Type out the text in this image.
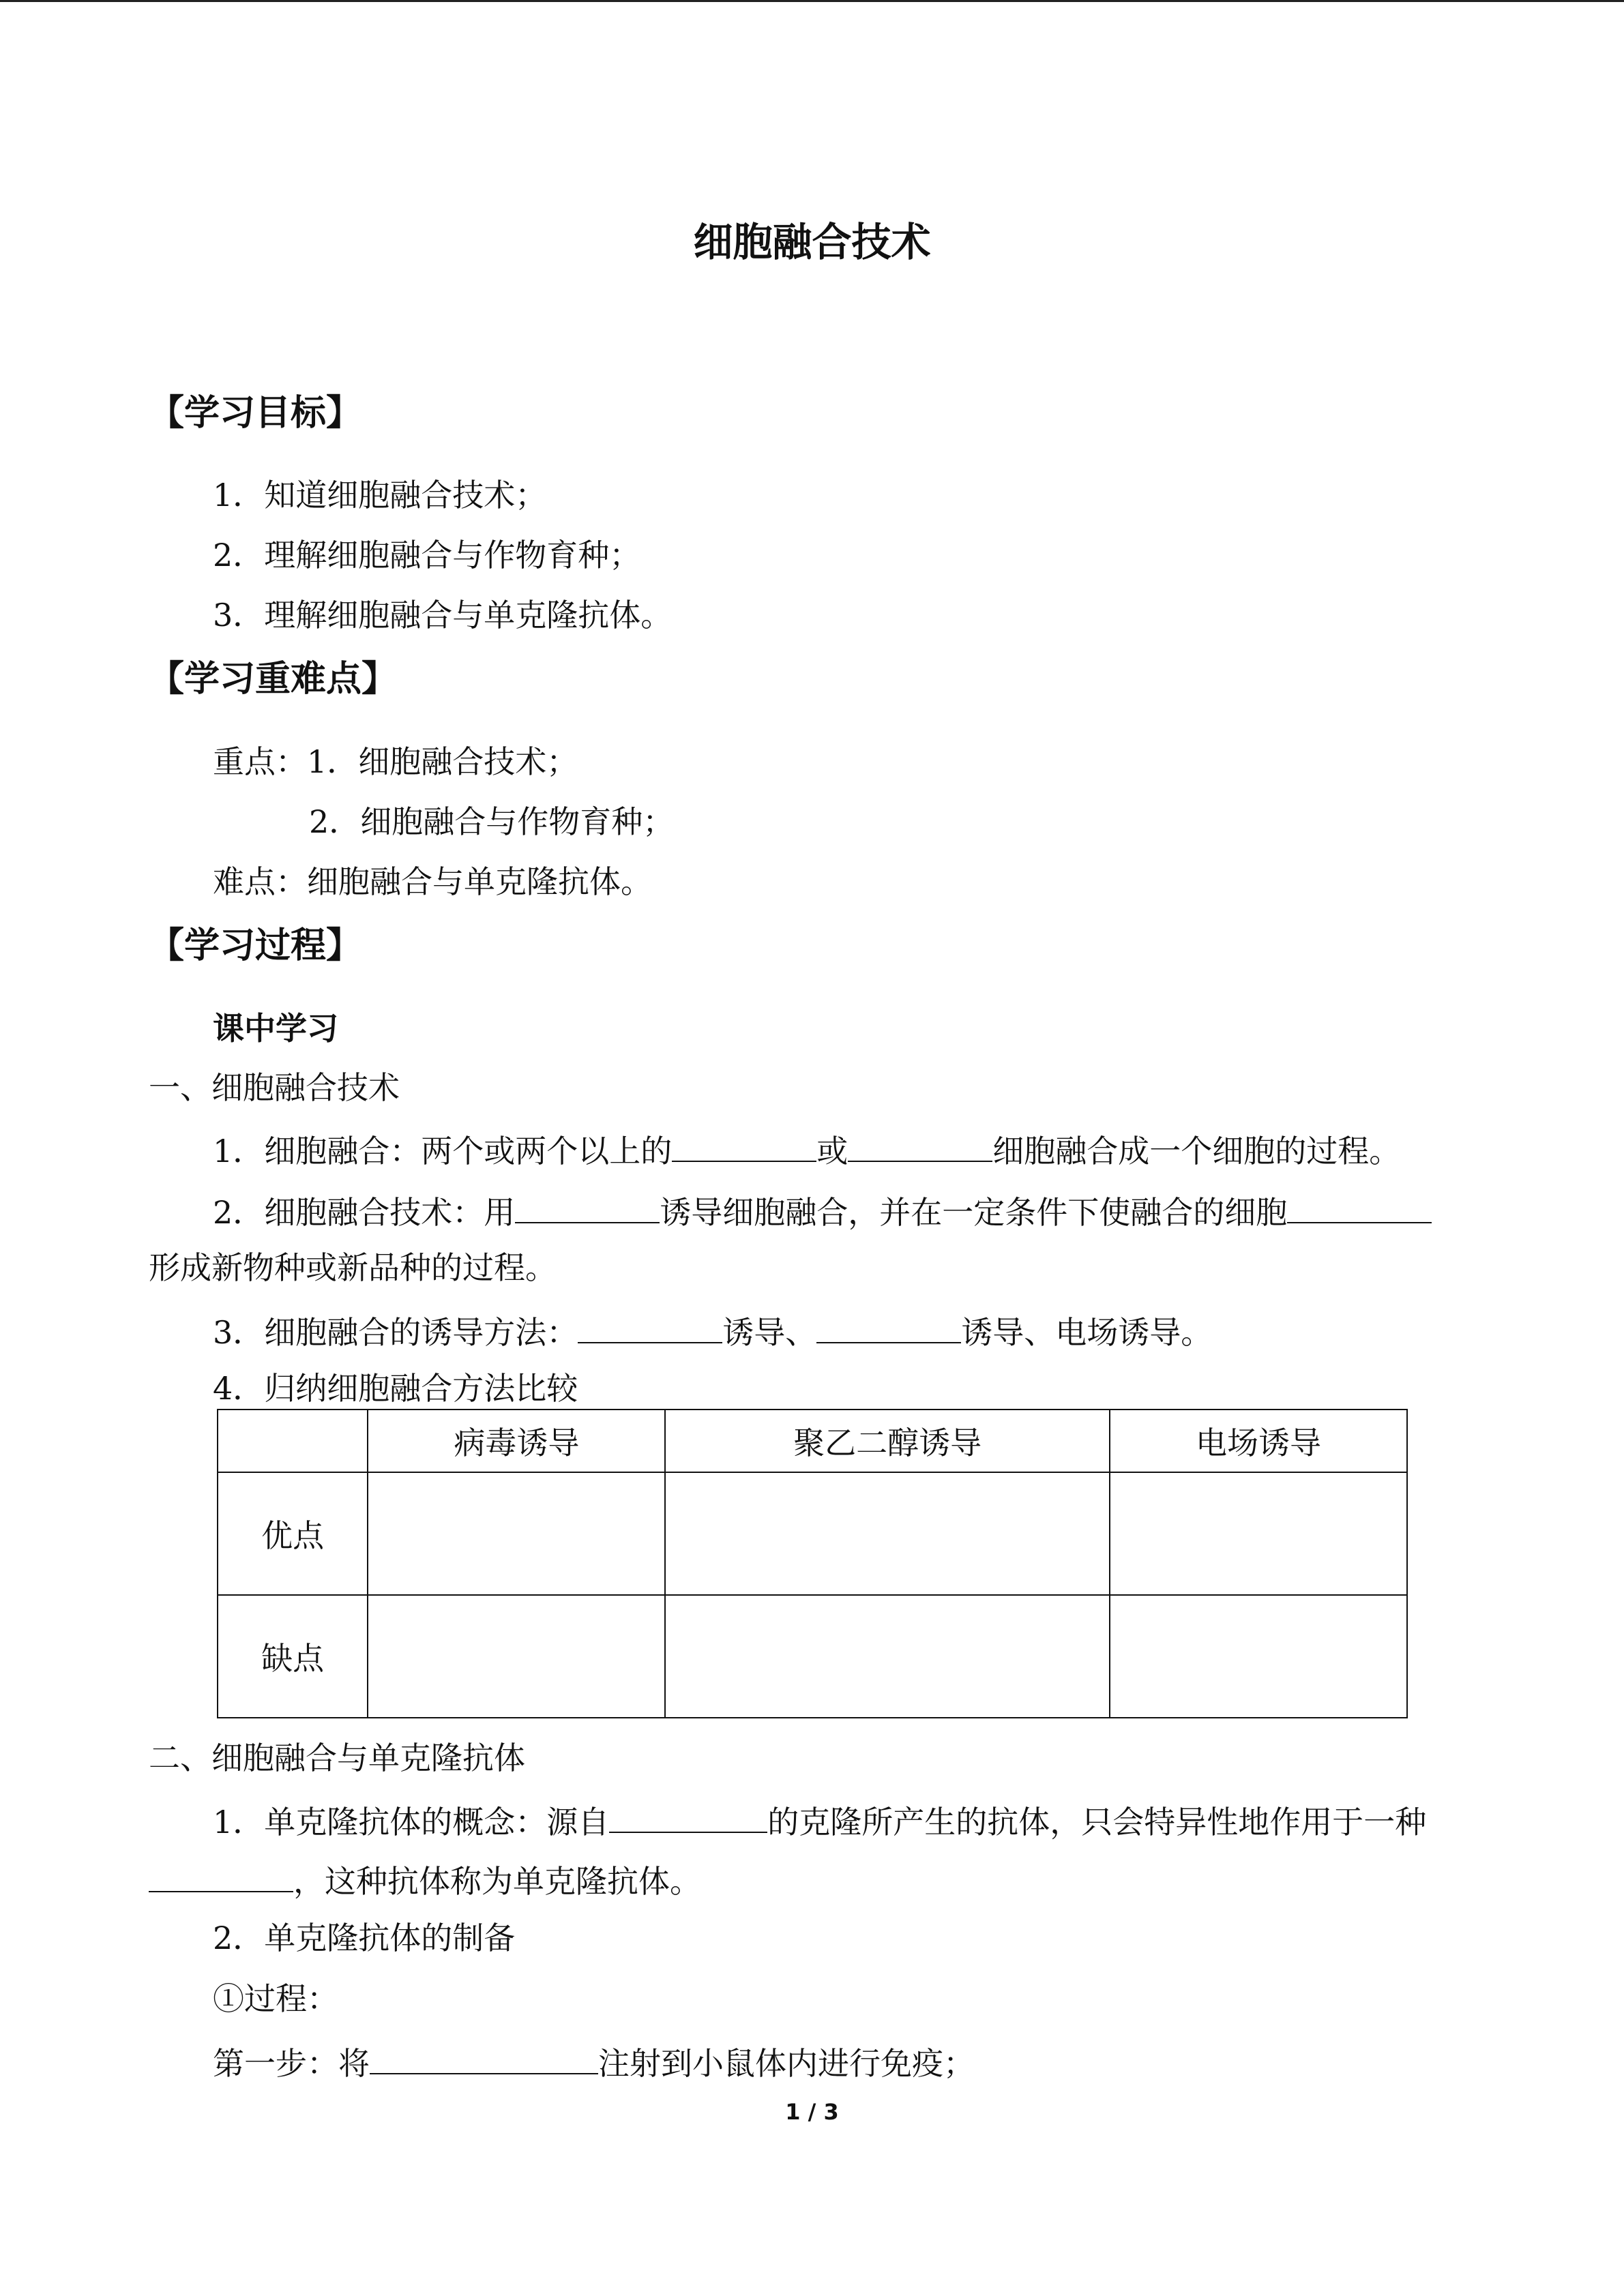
细胞融合技术
【学习目标】
1．知道细胞融合技术；
2．理解细胞融合与作物育种；
3．理解细胞融合与单克隆抗体。
【学习重难点】
重点：1．细胞融合技术；
2．细胞融合与作物育种；
难点：细胞融合与单克隆抗体。
【学习过程】
课中学习
一、细胞融合技术
1．细胞融合：两个或两个以上的	或	细胞融合成一个细胞的过程。
2．细胞融合技术：用	诱导细胞融合，并在一定条件下使融合的细胞
形成新物种或新品种的过程。
3．细胞融合的诱导方法：	诱导、	诱导、电场诱导。
4．归纳细胞融合方法比较
	病毒诱导	聚乙二醇诱导	电场诱导
优点			
缺点			
二、细胞融合与单克隆抗体
1．单克隆抗体的概念：源自	的克隆所产生的抗体，只会特异性地作用于一种
，这种抗体称为单克隆抗体。
2．单克隆抗体的制备
①过程：
第一步：将	注射到小鼠体内进行免疫；
1 / 3
